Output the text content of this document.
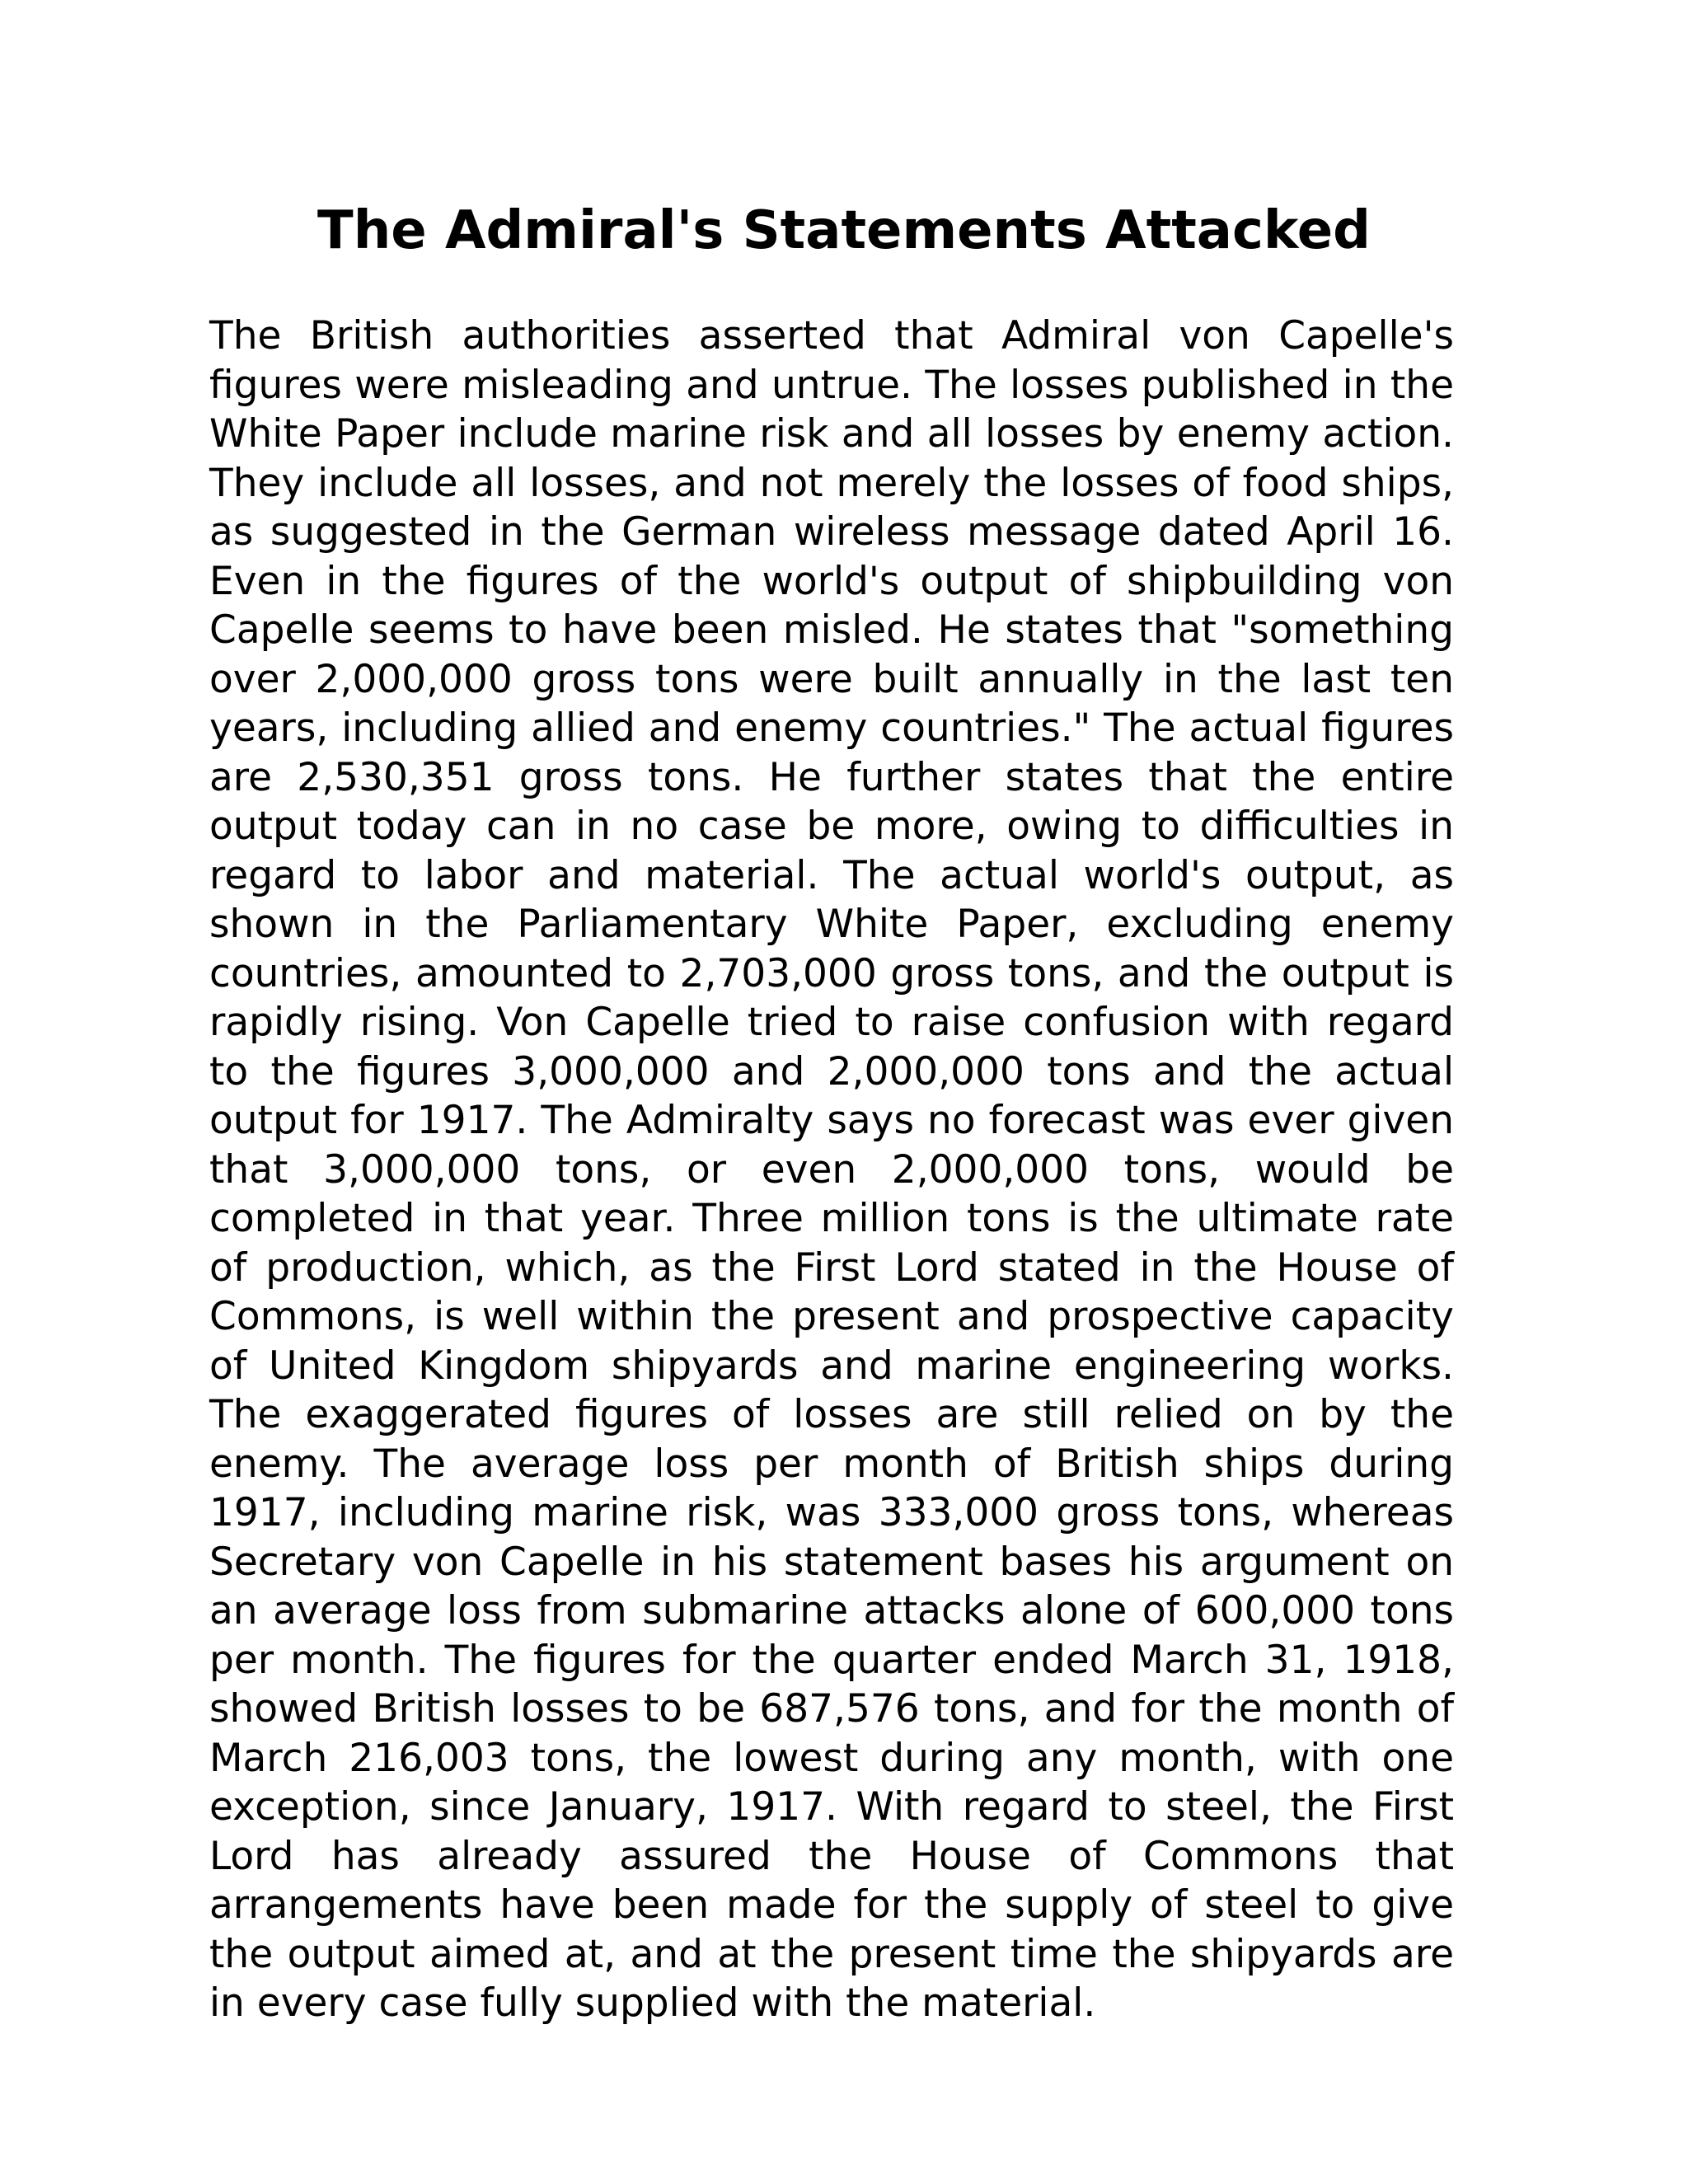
The Admiral's Statements Attacked

The British authorities asserted that Admiral von Capelle's figures were misleading and untrue. The losses published in the White Paper include marine risk and all losses by enemy action. They include all losses, and not merely the losses of food ships, as suggested in the German wireless message dated April 16. Even in the figures of the world's output of shipbuilding von Capelle seems to have been misled. He states that "something over 2,000,000 gross tons were built annually in the last ten years, including allied and enemy countries." The actual figures are 2,530,351 gross tons. He further states that the entire output today can in no case be more, owing to difficulties in regard to labor and material. The actual world's output, as shown in the Parliamentary White Paper, excluding enemy countries, amounted to 2,703,000 gross tons, and the output is rapidly rising. Von Capelle tried to raise confusion with regard to the figures 3,000,000 and 2,000,000 tons and the actual output for 1917. The Admiralty says no forecast was ever given that 3,000,000 tons, or even 2,000,000 tons, would be completed in that year. Three million tons is the ultimate rate of production, which, as the First Lord stated in the House of Commons, is well within the present and prospective capacity of United Kingdom shipyards and marine engineering works. The exaggerated figures of losses are still relied on by the enemy. The average loss per month of British ships during 1917, including marine risk, was 333,000 gross tons, whereas Secretary von Capelle in his statement bases his argument on an average loss from submarine attacks alone of 600,000 tons per month. The figures for the quarter ended March 31, 1918, showed British losses to be 687,576 tons, and for the month of March 216,003 tons, the lowest during any month, with one exception, since January, 1917. With regard to steel, the First Lord has already assured the House of Commons that arrangements have been made for the supply of steel to give the output aimed at, and at the present time the shipyards are in every case fully supplied with the material.
